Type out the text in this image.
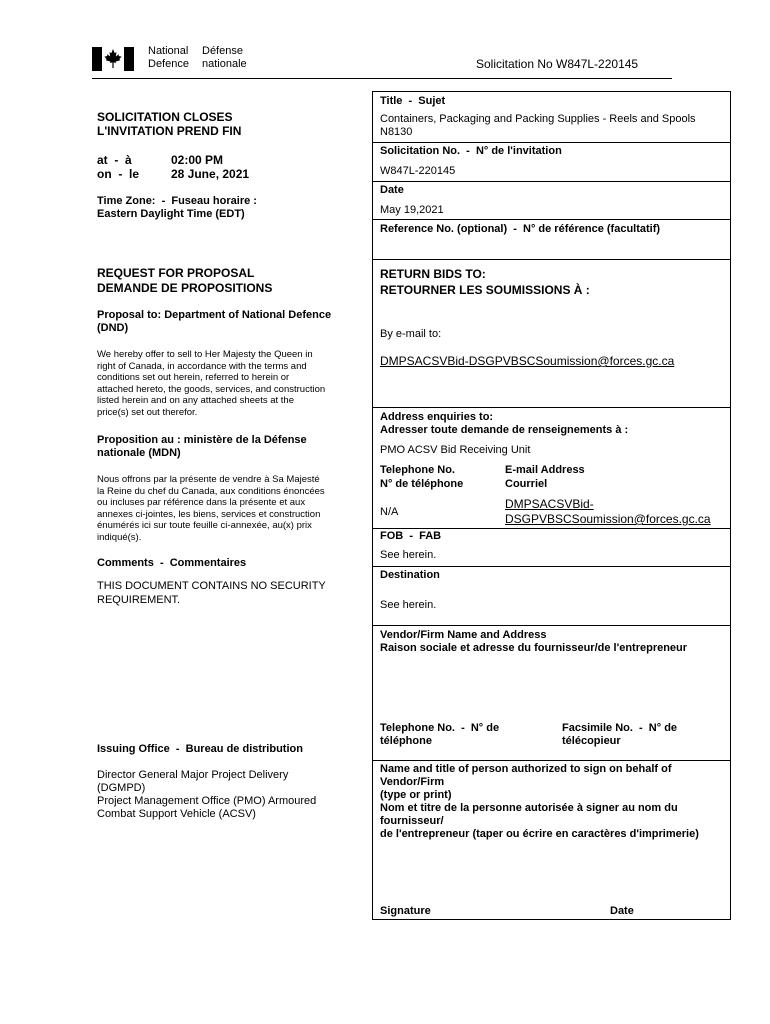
National
Defence
Défense
nationale	Solicitation No W847L-220145
SOLICITATION CLOSES
L'INVITATION PREND FIN
at  -  à	02:00 PM
on  -  le	28 June, 2021
Time Zone:  -  Fuseau horaire :
Eastern Daylight Time (EDT)
REQUEST FOR PROPOSAL
DEMANDE DE PROPOSITIONS
Proposal to: Department of National Defence
(DND)
We hereby offer to sell to Her Majesty the Queen in
right of Canada, in accordance with the terms and
conditions set out herein, referred to herein or
attached hereto, the goods, services, and construction
listed herein and on any attached sheets at the
price(s) set out therefor.
Proposition au : ministère de la Défense
nationale (MDN)
Nous offrons par la présente de vendre à Sa Majesté
la Reine du chef du Canada, aux conditions énoncées
ou incluses par référence dans la présente et aux
annexes ci-jointes, les biens, services et construction
énumérés ici sur toute feuille ci-annexée, au(x) prix
indiqué(s).
Comments  -  Commentaires
THIS DOCUMENT CONTAINS NO SECURITY
REQUIREMENT.
Issuing Office  -  Bureau de distribution
Director General Major Project Delivery
(DGMPD)
Project Management Office (PMO) Armoured
Combat Support Vehicle (ACSV)
Title  -  Sujet
Containers, Packaging and Packing Supplies - Reels and Spools
N8130
Solicitation No.  -  N° de l'invitation
W847L-220145
Date
May 19,2021
Reference No. (optional)  -  N° de référence (facultatif)
RETURN BIDS TO:
RETOURNER LES SOUMISSIONS À :
By e-mail to:
DMPSACSVBid-DSGPVBSCSoumission@forces.gc.ca
Address enquiries to:
Adresser toute demande de renseignements à :
PMO ACSV Bid Receiving Unit
Telephone No.
N° de téléphone
N/A
E-mail Address
Courriel
DMPSACSVBid-
DSGPVBSCSoumission@forces.gc.ca
FOB  -  FAB
See herein.
Destination
See herein.
Vendor/Firm Name and Address
Raison sociale et adresse du fournisseur/de l'entrepreneur
Telephone No.  -  N° de
téléphone
Facsimile No.  -  N° de
télécopieur
Name and title of person authorized to sign on behalf of
Vendor/Firm
(type or print)
Nom et titre de la personne autorisée à signer au nom du
fournisseur/
de l'entrepreneur (taper ou écrire en caractères d'imprimerie)
Signature	Date
